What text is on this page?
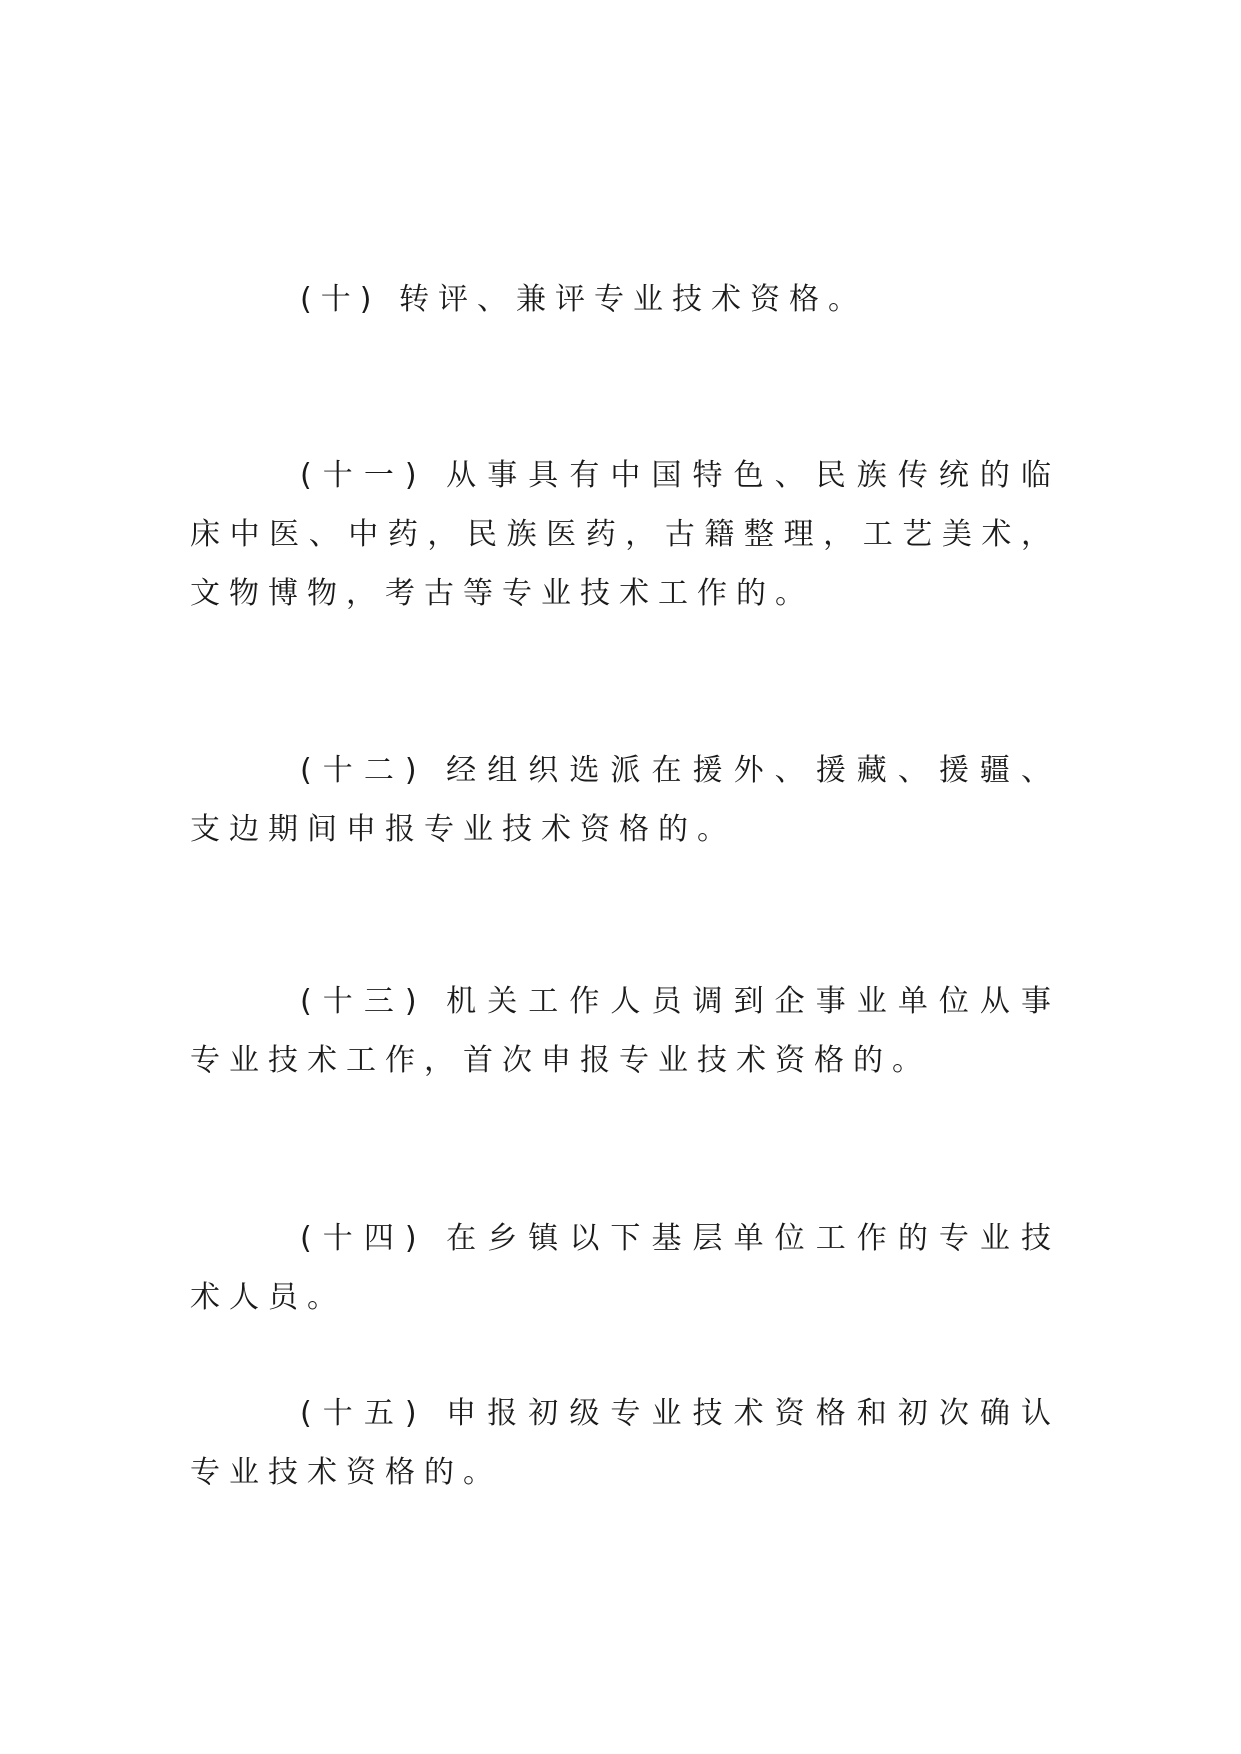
(十) 转评、兼评专业技术资格。

(十一) 从事具有中国特色、民族传统的临床中医、中药，民族医药，古籍整理，工艺美术，文物博物，考古等专业技术工作的。

(十二) 经组织选派在援外、援藏、援疆、支边期间申报专业技术资格的。

(十三) 机关工作人员调到企事业单位从事专业技术工作，首次申报专业技术资格的。

(十四) 在乡镇以下基层单位工作的专业技术人员。

(十五) 申报初级专业技术资格和初次确认专业技术资格的。
